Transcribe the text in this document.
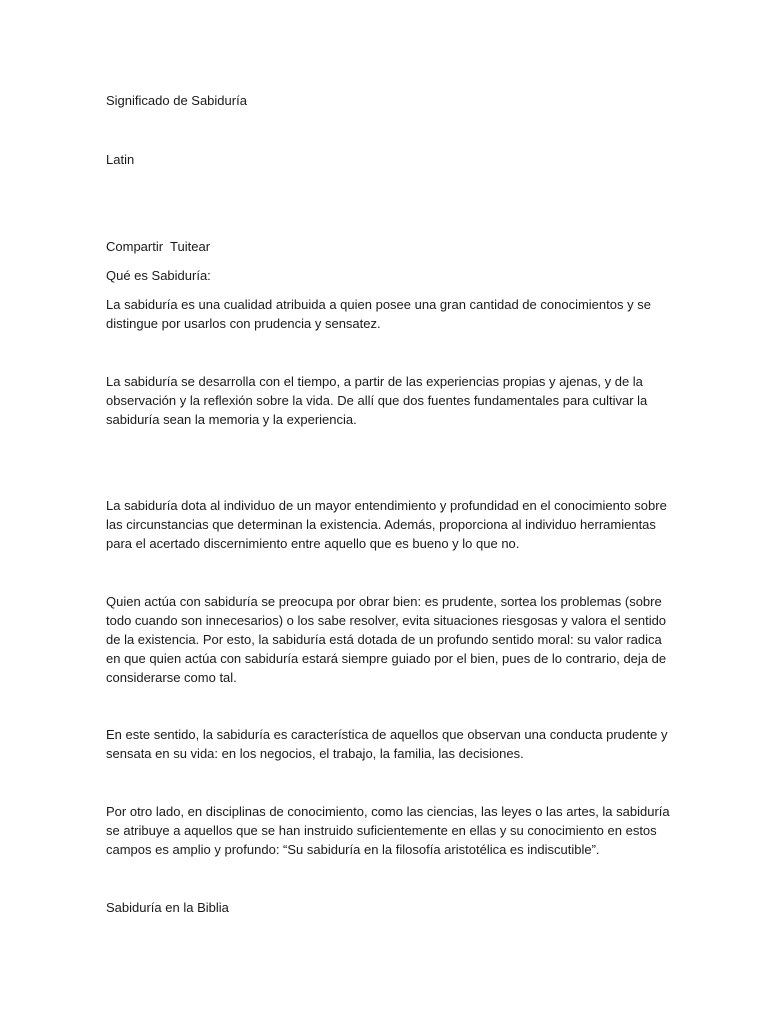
Significado de Sabiduría

Latin

Compartir  Tuitear

Qué es Sabiduría:

La sabiduría es una cualidad atribuida a quien posee una gran cantidad de conocimientos y se
distingue por usarlos con prudencia y sensatez.

La sabiduría se desarrolla con el tiempo, a partir de las experiencias propias y ajenas, y de la
observación y la reflexión sobre la vida. De allí que dos fuentes fundamentales para cultivar la
sabiduría sean la memoria y la experiencia.

La sabiduría dota al individuo de un mayor entendimiento y profundidad en el conocimiento sobre
las circunstancias que determinan la existencia. Además, proporciona al individuo herramientas
para el acertado discernimiento entre aquello que es bueno y lo que no.

Quien actúa con sabiduría se preocupa por obrar bien: es prudente, sortea los problemas (sobre
todo cuando son innecesarios) o los sabe resolver, evita situaciones riesgosas y valora el sentido
de la existencia. Por esto, la sabiduría está dotada de un profundo sentido moral: su valor radica
en que quien actúa con sabiduría estará siempre guiado por el bien, pues de lo contrario, deja de
considerarse como tal.

En este sentido, la sabiduría es característica de aquellos que observan una conducta prudente y
sensata en su vida: en los negocios, el trabajo, la familia, las decisiones.

Por otro lado, en disciplinas de conocimiento, como las ciencias, las leyes o las artes, la sabiduría
se atribuye a aquellos que se han instruido suficientemente en ellas y su conocimiento en estos
campos es amplio y profundo: “Su sabiduría en la filosofía aristotélica es indiscutible”.

Sabiduría en la Biblia
